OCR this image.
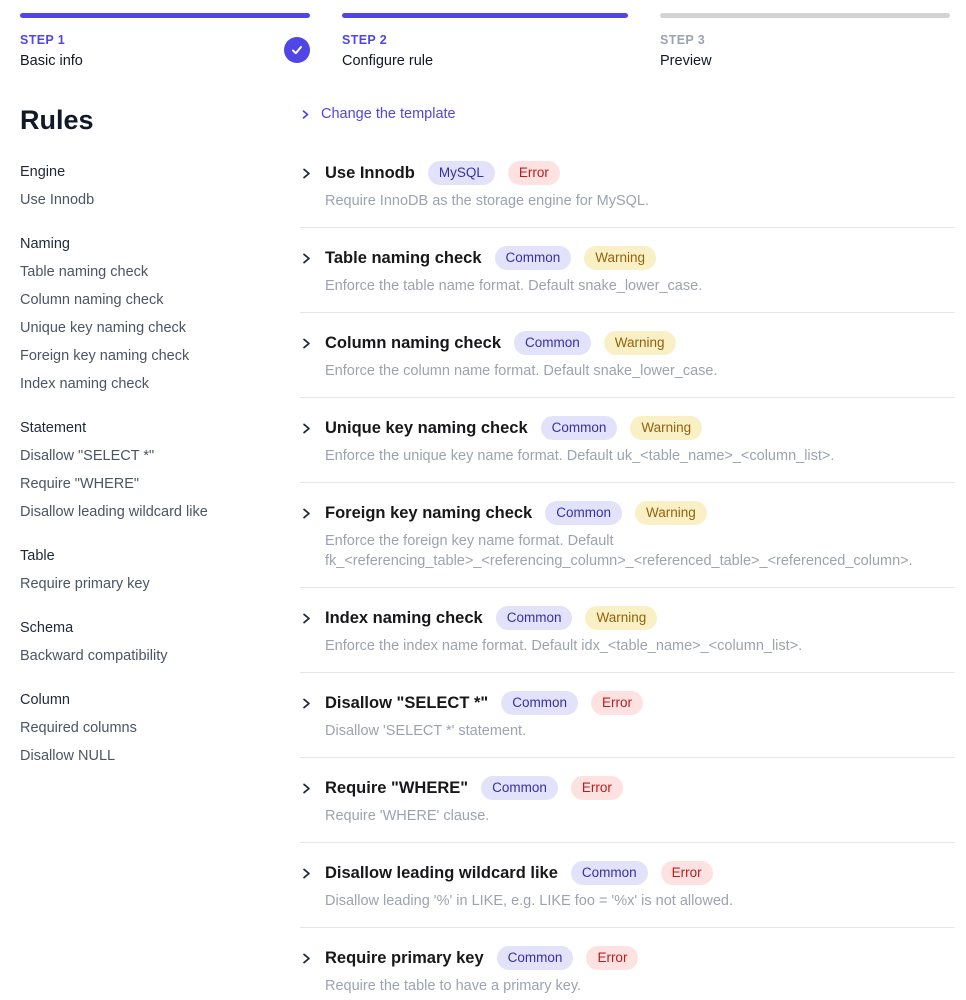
STEP 1
Basic info
STEP 2
Configure rule
STEP 3
Preview
Rules
Engine
Use Innodb
Naming
Table naming check
Column naming check
Unique key naming check
Foreign key naming check
Index naming check
Statement
Disallow "SELECT *"
Require "WHERE"
Disallow leading wildcard like
Table
Require primary key
Schema
Backward compatibility
Column
Required columns
Disallow NULL
Change the template
Use Innodb	MySQL	Error
Require InnoDB as the storage engine for MySQL.
Table naming check	Common	Warning
Enforce the table name format. Default snake_lower_case.
Column naming check	Common	Warning
Enforce the column name format. Default snake_lower_case.
Unique key naming check	Common	Warning
Enforce the unique key name format. Default uk_<table_name>_<column_list>.
Foreign key naming check	Common	Warning
Enforce the foreign key name format. Default fk_<referencing_table>_<referencing_column>_<referenced_table>_<referenced_column>.
Index naming check	Common	Warning
Enforce the index name format. Default idx_<table_name>_<column_list>.
Disallow "SELECT *"	Common	Error
Disallow 'SELECT *' statement.
Require "WHERE"	Common	Error
Require 'WHERE' clause.
Disallow leading wildcard like	Common	Error
Disallow leading '%' in LIKE, e.g. LIKE foo = '%x' is not allowed.
Require primary key	Common	Error
Require the table to have a primary key.
